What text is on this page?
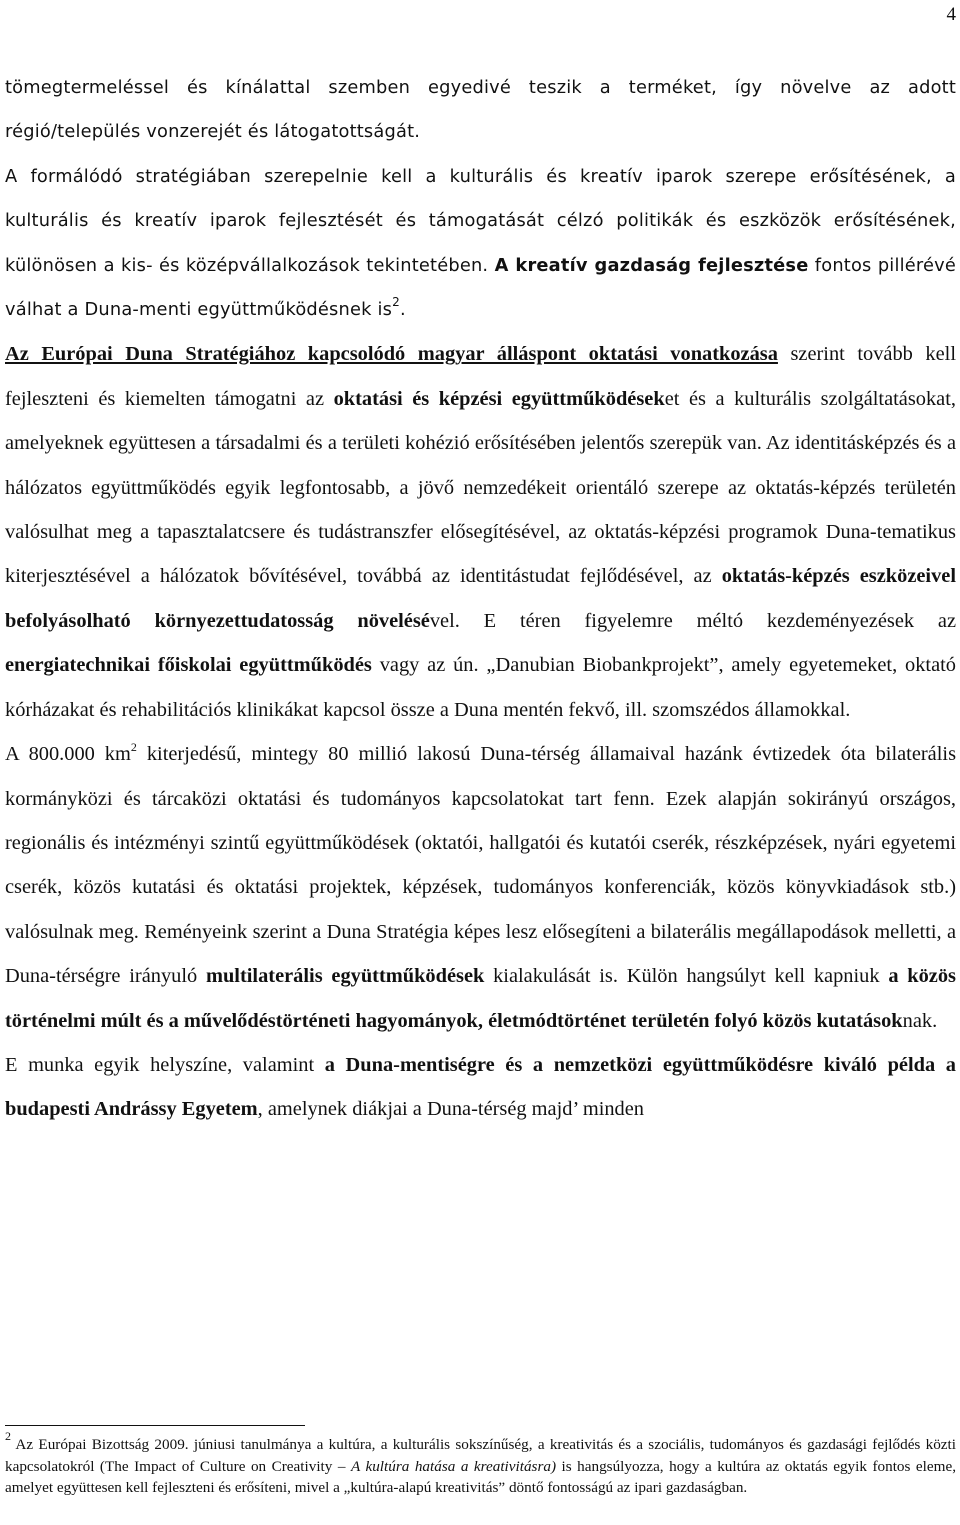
4

tömegtermeléssel és kínálattal szemben egyedivé teszik a terméket, így növelve az adott régió/település vonzerejét és látogatottságát.

A formálódó stratégiában szerepelnie kell a kulturális és kreatív iparok szerepe erősítésének, a kulturális és kreatív iparok fejlesztését és támogatását célzó politikák és eszközök erősítésének, különösen a kis- és középvállalkozások tekintetében. A kreatív gazdaság fejlesztése fontos pillérévé válhat a Duna-menti együttműködésnek $is^2$.

Az Európai Duna Stratégiához kapcsolódó magyar álláspont oktatási vonatkozása szerint tovább kell fejleszteni és kiemelten támogatni az oktatási és képzési együttműködéseket és a kulturális szolgáltatásokat, amelyeknek együttesen a társadalmi és a területi kohézió erősítésében jelentős szerepük van. Az identitásképzés és a hálózatos együttműködés egyik legfontosabb, a jövő nemzedékeit orientáló szerepe az oktatás-képzés területén valósulhat meg a tapasztalatcsere és tudástranszfer elősegítésével, az oktatás-képzési programok Duna-tematikus kiterjesztésével a hálózatok bővítésével, továbbá az identitástudat fejlődésével, az oktatás-képzés eszközeivel befolyásolható környezettudatosság növelésével. E téren figyelemre méltó kezdeményezések az energiatechnikai főiskolai együttműködés vagy az ún. „Danubian Biobankprojekt”, amely egyetemeket, oktató kórházakat és rehabilitációs klinikákat kapcsol össze a Duna mentén fekvő, ill. szomszédos államokkal.

A 800.000 $km^2$ kiterjedésű, mintegy 80 millió lakosú Duna-térség államaival hazánk évtizedek óta bilaterális kormányközi és tárcaközi oktatási és tudományos kapcsolatokat tart fenn. Ezek alapján sokirányú országos, regionális és intézményi szintű együttműködések (oktatói, hallgatói és kutatói cserék, részképzések, nyári egyetemi cserék, közös kutatási és oktatási projektek, képzések, tudományos konferenciák, közös könyvkiadások stb.) valósulnak meg. Reményeink szerint a Duna Stratégia képes lesz elősegíteni a bilaterális megállapodások melletti, a Duna-térségre irányuló multilaterális együttműködések kialakulását is. Külön hangsúlyt kell kapniuk a közös történelmi múlt és a művelődéstörténeti hagyományok, életmódtörténet területén folyó közös kutatásoknak.

E munka egyik helyszíne, valamint a Duna-mentiségre és a nemzetközi együttműködésre kiváló példa a budapesti Andrássy Egyetem, amelynek diákjai a Duna-térség majd’ minden

$^2$ Az Európai Bizottság 2009. júniusi tanulmánya a kultúra, a kulturális sokszínűség, a kreativitás és a szociális, tudományos és gazdasági fejlődés közti kapcsolatokról (The Impact of Culture on Creativity – A kultúra hatása a kreativitásra) is hangsúlyozza, hogy a kultúra az oktatás egyik fontos eleme, amelyet együttesen kell fejleszteni és erősíteni, mivel a „kultúra-alapú kreativitás” döntő fontosságú az ipari gazdaságban.
